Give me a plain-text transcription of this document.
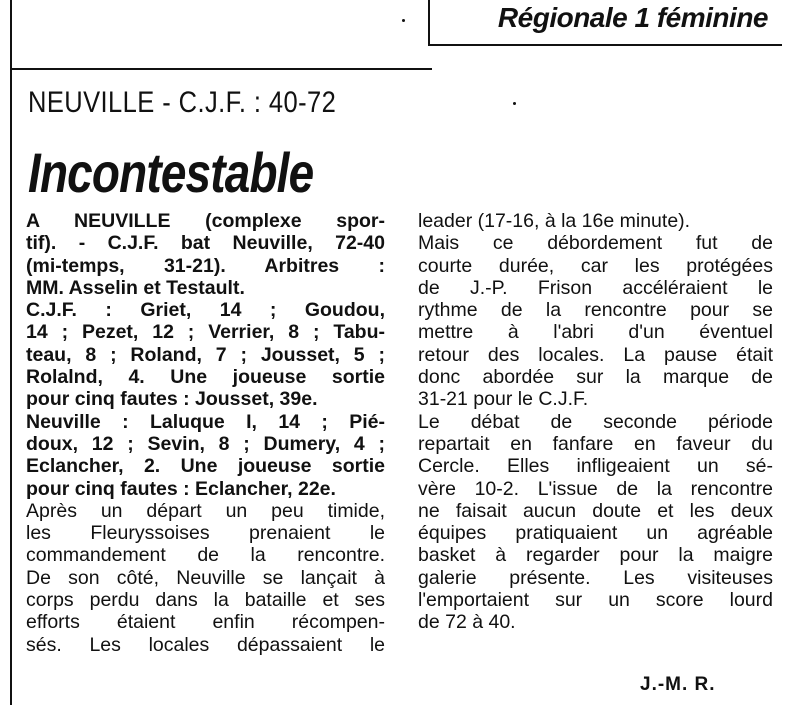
Régionale 1 féminine
NEUVILLE - C.J.F. : 40-72
Incontestable
A NEUVILLE (complexe spor-
tif). - C.J.F. bat Neuville, 72-40
(mi-temps, 31-21). Arbitres :
MM. Asselin et Testault.
C.J.F. : Griet, 14 ; Goudou,
14 ; Pezet, 12 ; Verrier, 8 ; Tabu-
teau, 8 ; Roland, 7 ; Jousset, 5 ;
Rolalnd, 4. Une joueuse sortie
pour cinq fautes : Jousset, 39e.
Neuville : Laluque I, 14 ; Pié-
doux, 12 ; Sevin, 8 ; Dumery, 4 ;
Eclancher, 2. Une joueuse sortie
pour cinq fautes : Eclancher, 22e.
Après un départ un peu timide,
les Fleuryssoises prenaient le
commandement de la rencontre.
De son côté, Neuville se lançait à
corps perdu dans la bataille et ses
efforts étaient enfin récompen-
sés. Les locales dépassaient le
leader (17-16, à la 16e minute).
Mais ce débordement fut de
courte durée, car les protégées
de J.-P. Frison accéléraient le
rythme de la rencontre pour se
mettre à l'abri d'un éventuel
retour des locales. La pause était
donc abordée sur la marque de
31-21 pour le C.J.F.
Le débat de seconde période
repartait en fanfare en faveur du
Cercle. Elles infligeaient un sé-
vère 10-2. L'issue de la rencontre
ne faisait aucun doute et les deux
équipes pratiquaient un agréable
basket à regarder pour la maigre
galerie présente. Les visiteuses
l'emportaient sur un score lourd
de 72 à 40.
J.-M. R.
